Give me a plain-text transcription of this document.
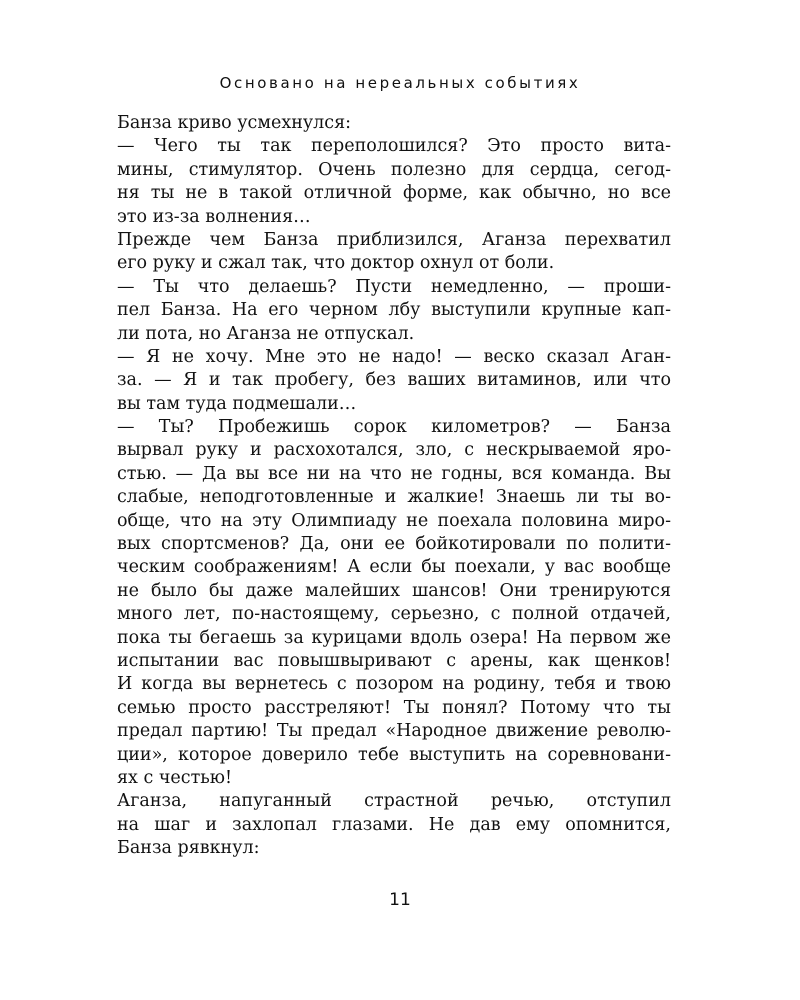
Основано на нереальных событиях
Банза криво усмехнулся:
— Чего ты так переполошился? Это просто вита-
мины, стимулятор. Очень полезно для сердца, сегод-
ня ты не в такой отличной форме, как обычно, но все
это из-за волнения…
Прежде чем Банза приблизился, Аганза перехватил
его руку и сжал так, что доктор охнул от боли.
— Ты что делаешь? Пусти немедленно, — проши-
пел Банза. На его черном лбу выступили крупные кап-
ли пота, но Аганза не отпускал.
— Я не хочу. Мне это не надо! — веско сказал Аган-
за. — Я и так пробегу, без ваших витаминов, или что
вы там туда подмешали…
— Ты? Пробежишь сорок километров? — Банза
вырвал руку и расхохотался, зло, с нескрываемой яро-
стью. — Да вы все ни на что не годны, вся команда. Вы
слабые, неподготовленные и жалкие! Знаешь ли ты во-
обще, что на эту Олимпиаду не поехала половина миро-
вых спортсменов? Да, они ее бойкотировали по полити-
ческим соображениям! А если бы поехали, у вас вообще
не было бы даже малейших шансов! Они тренируются
много лет, по-настоящему, серьезно, с полной отдачей,
пока ты бегаешь за курицами вдоль озера! На первом же
испытании вас повышвыривают с арены, как щенков!
И когда вы вернетесь с позором на родину, тебя и твою
семью просто расстреляют! Ты понял? Потому что ты
предал партию! Ты предал «Народное движение револю-
ции», которое доверило тебе выступить на соревновани-
ях с честью!
Аганза, напуганный страстной речью, отступил
на шаг и захлопал глазами. Не дав ему опомнится,
Банза рявкнул:
11
